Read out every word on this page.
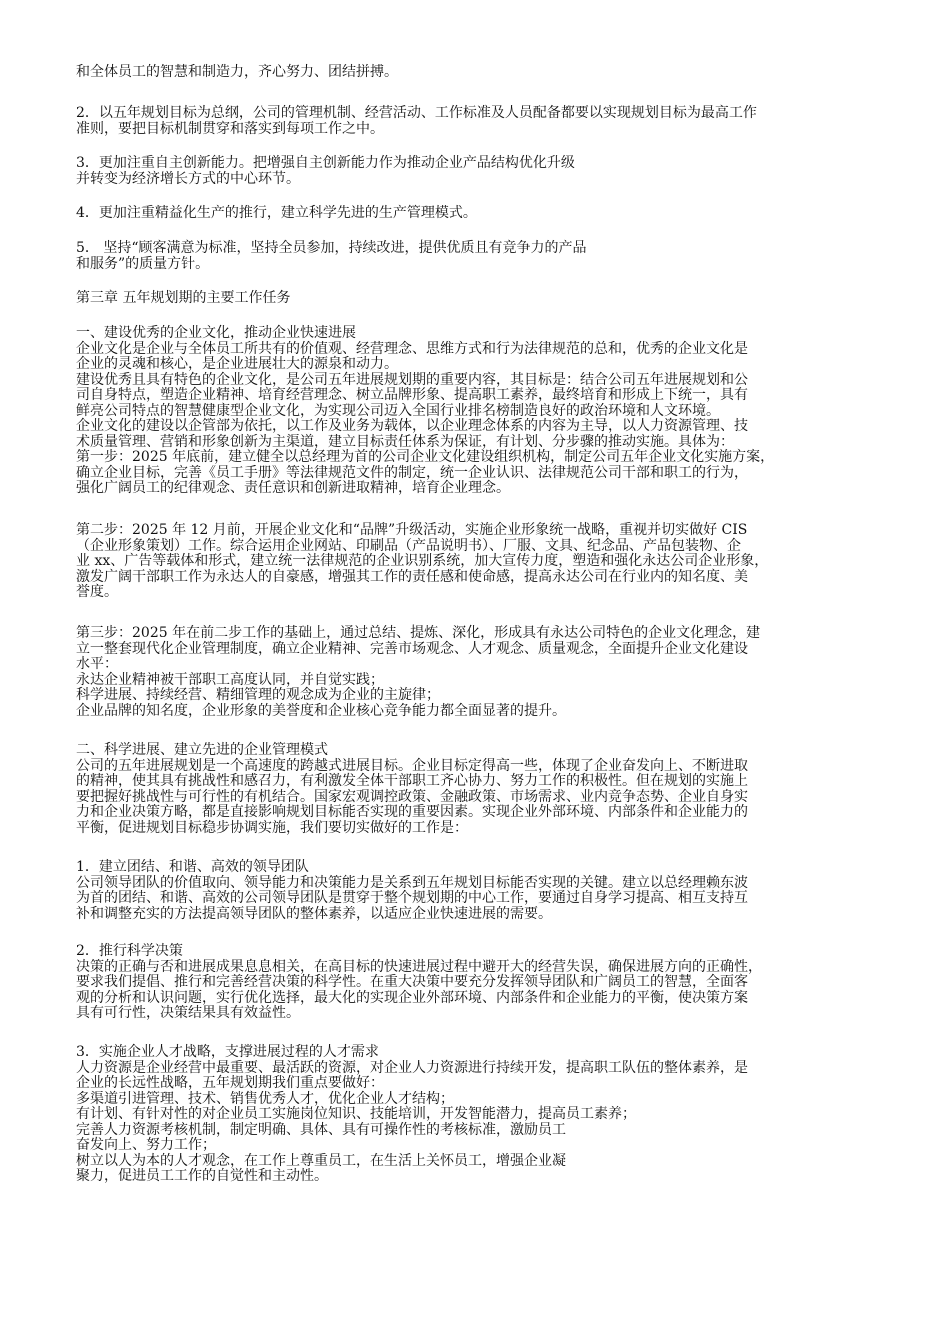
和全体员工的智慧和制造力，齐心努力、团结拼搏。
2．以五年规划目标为总纲，公司的管理机制、经营活动、工作标准及人员配备都要以实现规划目标为最高工作
准则，要把目标机制贯穿和落实到每项工作之中。
3．更加注重自主创新能力。把增强自主创新能力作为推动企业产品结构优化升级
并转变为经济增长方式的中心环节。
4．更加注重精益化生产的推行，建立科学先进的生产管理模式。
5． 坚持“顾客满意为标准，坚持全员参加，持续改进，提供优质且有竞争力的产品
和服务”的质量方针。
第三章 五年规划期的主要工作任务
一、建设优秀的企业文化，推动企业快速进展
企业文化是企业与全体员工所共有的价值观、经营理念、思维方式和行为法律规范的总和，优秀的企业文化是
企业的灵魂和核心，是企业进展壮大的源泉和动力。
建设优秀且具有特色的企业文化，是公司五年进展规划期的重要内容，其目标是：结合公司五年进展规划和公
司自身特点，塑造企业精神、培育经营理念、树立品牌形象、提高职工素养，最终培育和形成上下统一，具有
鲜亮公司特点的智慧健康型企业文化，为实现公司迈入全国行业排名榜制造良好的政治环境和人文环境。
企业文化的建设以企管部为依托，以工作及业务为载体，以企业理念体系的内容为主导，以人力资源管理、技
术质量管理、营销和形象创新为主渠道，建立目标责任体系为保证，有计划、分步骤的推动实施。具体为：
第一步：2025 年底前，建立健全以总经理为首的公司企业文化建设组织机构，制定公司五年企业文化实施方案，
确立企业目标，完善《员工手册》等法律规范文件的制定，统一企业认识、法律规范公司干部和职工的行为，
强化广阔员工的纪律观念、责任意识和创新进取精神，培育企业理念。
第二步：2025 年 12 月前，开展企业文化和“品牌”升级活动，实施企业形象统一战略，重视并切实做好 CIS
（企业形象策划）工作。综合运用企业网站、印刷品（产品说明书）、厂服、文具、纪念品、产品包装物、企
业 xx、广告等载体和形式，建立统一法律规范的企业识别系统，加大宣传力度，塑造和强化永达公司企业形象，
激发广阔干部职工作为永达人的自豪感，增强其工作的责任感和使命感，提高永达公司在行业内的知名度、美
誉度。
第三步：2025 年在前二步工作的基础上，通过总结、提炼、深化，形成具有永达公司特色的企业文化理念，建
立一整套现代化企业管理制度，确立企业精神、完善市场观念、人才观念、质量观念，全面提升企业文化建设
水平：
永达企业精神被干部职工高度认同，并自觉实践；
科学进展、持续经营、精细管理的观念成为企业的主旋律；
企业品牌的知名度，企业形象的美誉度和企业核心竞争能力都全面显著的提升。
二、科学进展、建立先进的企业管理模式
公司的五年进展规划是一个高速度的跨越式进展目标。企业目标定得高一些，体现了企业奋发向上、不断进取
的精神，使其具有挑战性和感召力，有利激发全体干部职工齐心协力、努力工作的积极性。但在规划的实施上
要把握好挑战性与可行性的有机结合。国家宏观调控政策、金融政策、市场需求、业内竞争态势、企业自身实
力和企业决策方略，都是直接影响规划目标能否实现的重要因素。实现企业外部环境、内部条件和企业能力的
平衡，促进规划目标稳步协调实施，我们要切实做好的工作是：
1．建立团结、和谐、高效的领导团队
公司领导团队的价值取向、领导能力和决策能力是关系到五年规划目标能否实现的关键。建立以总经理赖东波
为首的团结、和谐、高效的公司领导团队是贯穿于整个规划期的中心工作，要通过自身学习提高、相互支持互
补和调整充实的方法提高领导团队的整体素养，以适应企业快速进展的需要。
2．推行科学决策
决策的正确与否和进展成果息息相关，在高目标的快速进展过程中避开大的经营失误，确保进展方向的正确性，
要求我们提倡、推行和完善经营决策的科学性。在重大决策中要充分发挥领导团队和广阔员工的智慧，全面客
观的分析和认识问题，实行优化选择，最大化的实现企业外部环境、内部条件和企业能力的平衡，使决策方案
具有可行性，决策结果具有效益性。
3．实施企业人才战略，支撑进展过程的人才需求
人力资源是企业经营中最重要、最活跃的资源，对企业人力资源进行持续开发，提高职工队伍的整体素养，是
企业的长远性战略，五年规划期我们重点要做好：
多渠道引进管理、技术、销售优秀人才，优化企业人才结构；
有计划、有针对性的对企业员工实施岗位知识、技能培训，开发智能潜力，提高员工素养；
完善人力资源考核机制，制定明确、具体、具有可操作性的考核标准，激励员工
奋发向上、努力工作；
树立以人为本的人才观念，在工作上尊重员工，在生活上关怀员工，增强企业凝
聚力，促进员工工作的自觉性和主动性。
